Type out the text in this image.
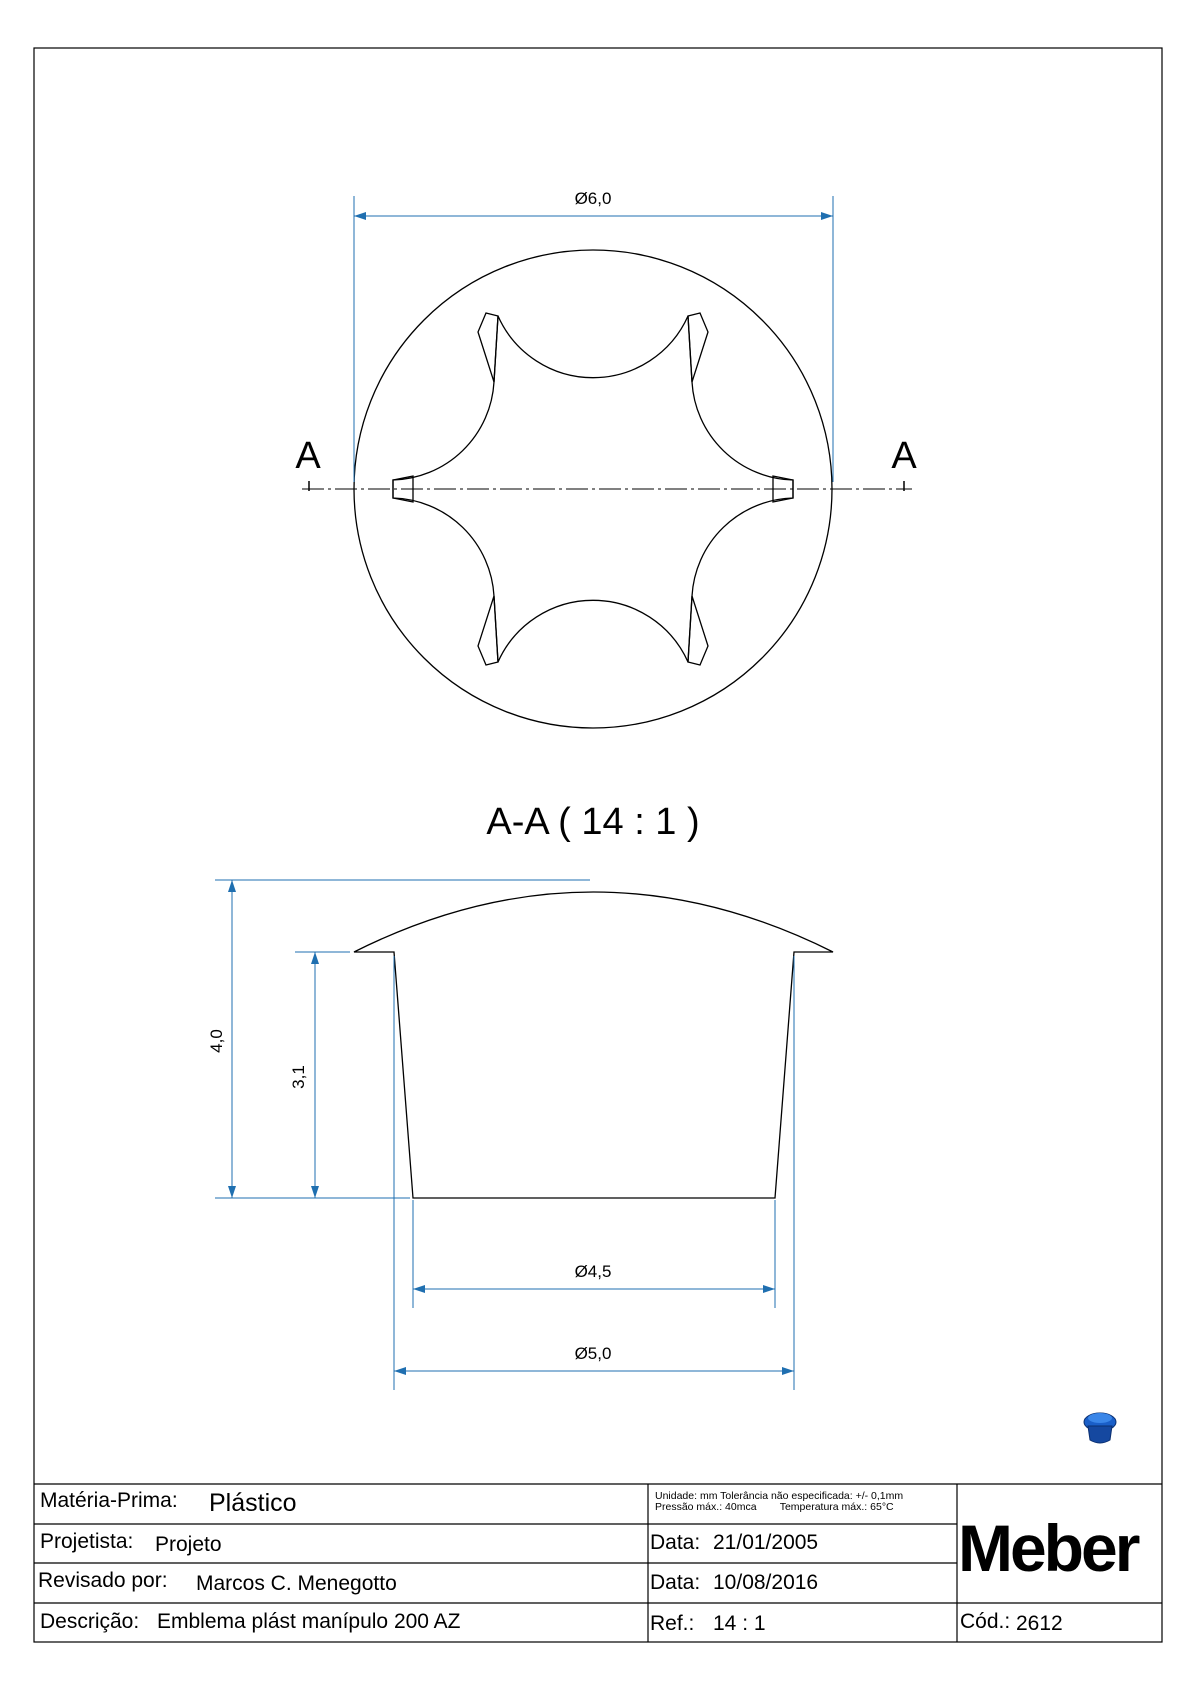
Ø6,0
Ø4,5
Ø5,0
4,0
3,1
A	A
A-A ( 14 : 1 )
Matéria-Prima: Plástico	Unidade: mm Tolerância não especificada: +/- 0,1mm
Pressão máx.: 40mca        Temperatura máx.: 65°C
Projetista: Projeto	Data: 21/01/2005
Revisado por: Marcos C. Menegotto	Data: 10/08/2016
Descrição: Emblema plást manípulo 200 AZ	Ref.: 14 : 1	Cód.: 2612
Meber
